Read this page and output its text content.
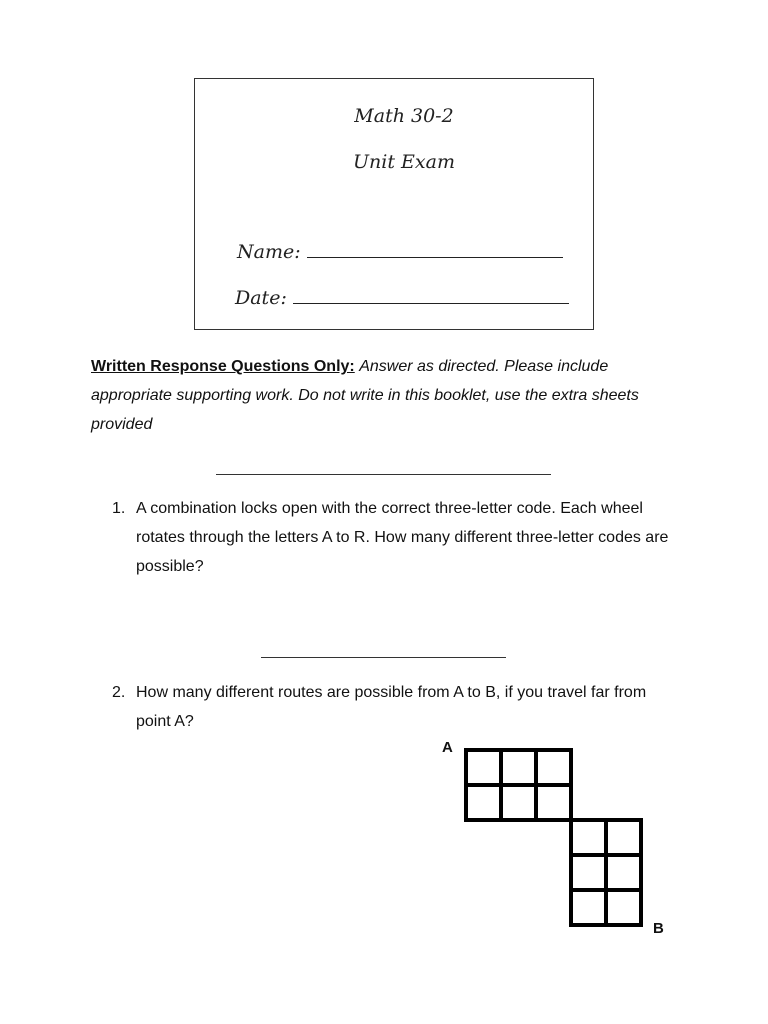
Math 30-2
Unit Exam
Name:
Date:
Written Response Questions Only: Answer as directed. Please include appropriate supporting work. Do not write in this booklet, use the extra sheets provided
1. A combination locks open with the correct three-letter code. Each wheel rotates through the letters A to R. How many different three-letter codes are possible?
2. How many different routes are possible from A to B, if you travel far from point A?
A
B
